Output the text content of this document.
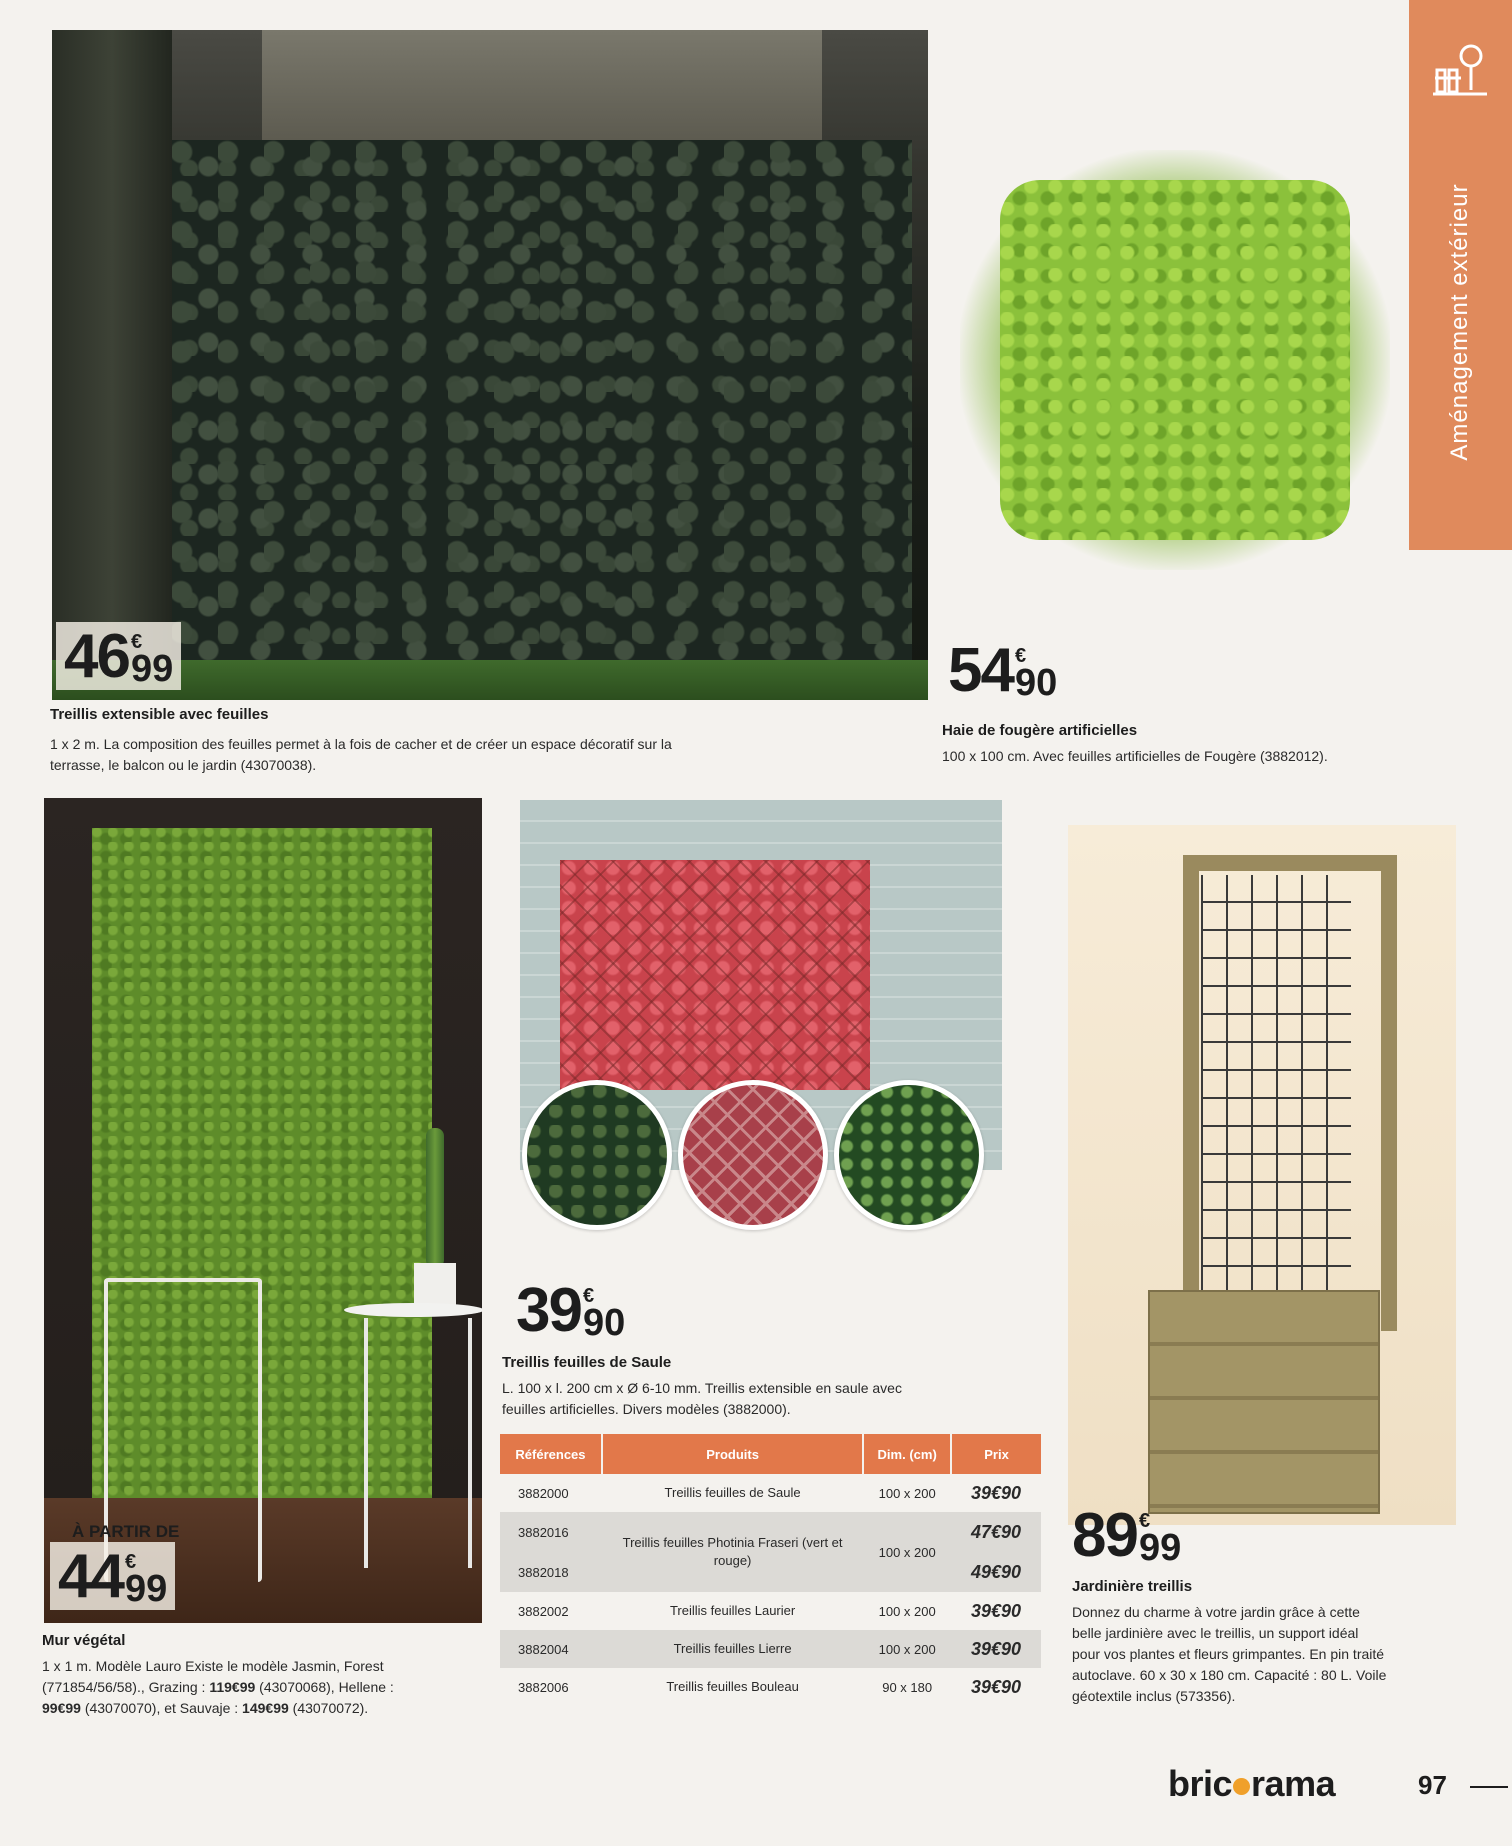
Aménagement extérieur
46 €
99
Treillis extensible avec feuilles
1 x 2 m. La composition des feuilles permet à la fois de cacher et de créer un espace décoratif sur la
terrasse, le balcon ou le jardin (43070038).
54 €
90
Haie de fougère artificielles
100 x 100 cm. Avec feuilles artificielles de Fougère (3882012).
À PARTIR DE
44 €
99
Mur végétal
1 x 1 m. Modèle Lauro Existe le modèle Jasmin, Forest
(771854/56/58)., Grazing : 119€99 (43070068), Hellene :
99€99 (43070070), et Sauvaje : 149€99 (43070072).
39 €
90
Treillis feuilles de Saule
L. 100 x l. 200 cm x Ø 6-10 mm. Treillis extensible en saule avec
feuilles artificielles. Divers modèles (3882000).
Références	Produits	Dim. (cm)	Prix
3882000	Treillis feuilles de Saule	100 x 200	39€90
3882016	Treillis feuilles Photinia Fraseri (vert et rouge)	100 x 200	47€90
3882018			49€90
3882002	Treillis feuilles Laurier	100 x 200	39€90
3882004	Treillis feuilles Lierre	100 x 200	39€90
3882006	Treillis feuilles Bouleau	90 x 180	39€90
89 €
99
Jardinière treillis
Donnez du charme à votre jardin grâce à cette
belle jardinière avec le treillis, un support idéal
pour vos plantes et fleurs grimpantes. En pin traité
autoclave. 60 x 30 x 180 cm. Capacité : 80 L. Voile
géotextile inclus (573356).
bric rama	97
